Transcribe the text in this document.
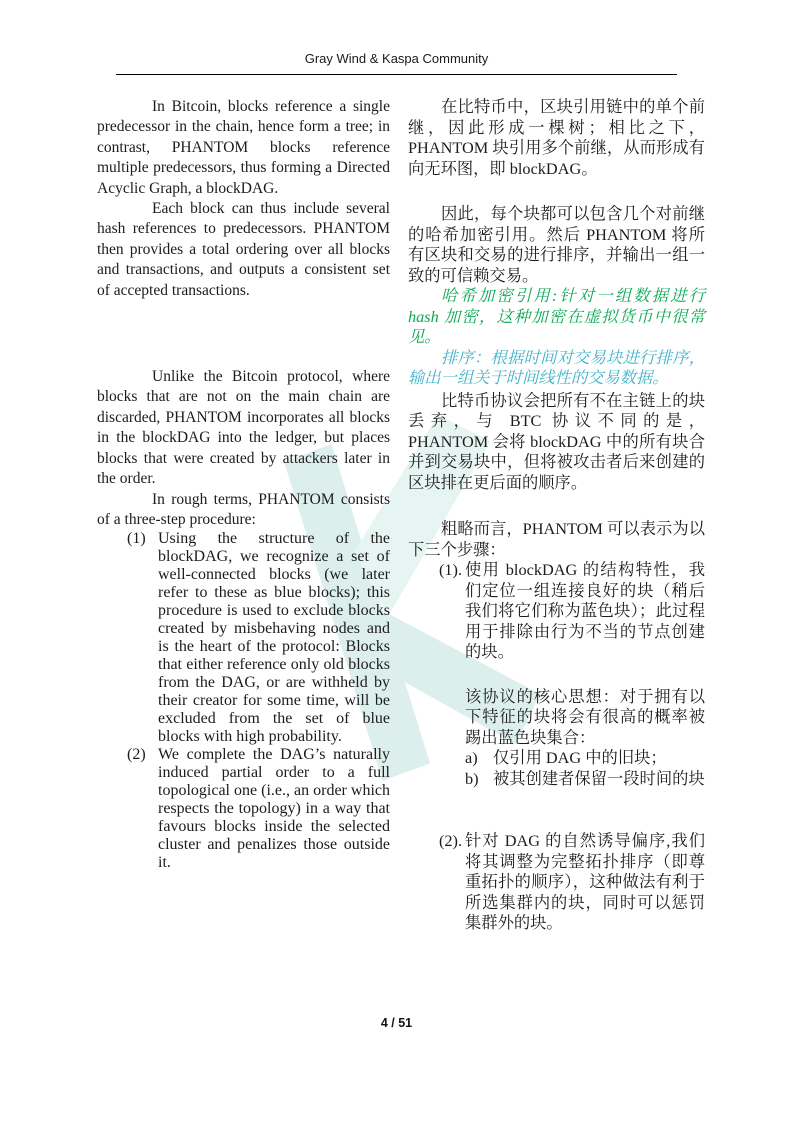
Gray Wind & Kaspa Community

In Bitcoin, blocks reference a single predecessor in the chain, hence form a tree; in contrast, PHANTOM blocks reference multiple predecessors, thus forming a Directed Acyclic Graph, a blockDAG.

Each block can thus include several hash references to predecessors. PHANTOM then provides a total ordering over all blocks and transactions, and outputs a consistent set of accepted transactions.

Unlike the Bitcoin protocol, where blocks that are not on the main chain are discarded, PHANTOM incorporates all blocks in the blockDAG into the ledger, but places blocks that were created by attackers later in the order.

In rough terms, PHANTOM consists of a three-step procedure:

(1) Using the structure of the blockDAG, we recognize a set of well-connected blocks (we later refer to these as blue blocks); this procedure is used to exclude blocks created by misbehaving nodes and is the heart of the protocol: Blocks that either reference only old blocks from the DAG, or are withheld by their creator for some time, will be excluded from the set of blue blocks with high probability.
(2) We complete the DAG’s naturally induced partial order to a full topological one (i.e., an order which respects the topology) in a way that favours blocks inside the selected cluster and penalizes those outside it.

在比特币中，区块引用链中的单个前继，因此形成一棵树；相比之下，PHANTOM 块引用多个前继，从而形成有向无环图，即 blockDAG。

因此，每个块都可以包含几个对前继的哈希加密引用。然后 PHANTOM 将所有区块和交易的进行排序，并输出一组一致的可信赖交易。

哈希加密引用:针对一组数据进行 hash 加密，这种加密在虚拟货币中很常见。

排序：根据时间对交易块进行排序，输出一组关于时间线性的交易数据。

比特币协议会把所有不在主链上的块丢弃，与 BTC 协议不同的是，PHANTOM 会将 blockDAG 中的所有块合并到交易块中，但将被攻击者后来创建的区块排在更后面的顺序。

粗略而言，PHANTOM 可以表示为以下三个步骤：

(1). 使用 blockDAG 的结构特性，我们定位一组连接良好的块（稍后我们将它们称为蓝色块）；此过程用于排除由行为不当的节点创建的块。

该协议的核心思想：对于拥有以下特征的块将会有很高的概率被踢出蓝色块集合：

a) 仅引用 DAG 中的旧块；
b) 被其创建者保留一段时间的块
(2). 针对 DAG 的自然诱导偏序,我们将其调整为完整拓扑排序（即尊重拓扑的顺序），这种做法有利于所选集群内的块，同时可以惩罚集群外的块。
4 / 51
